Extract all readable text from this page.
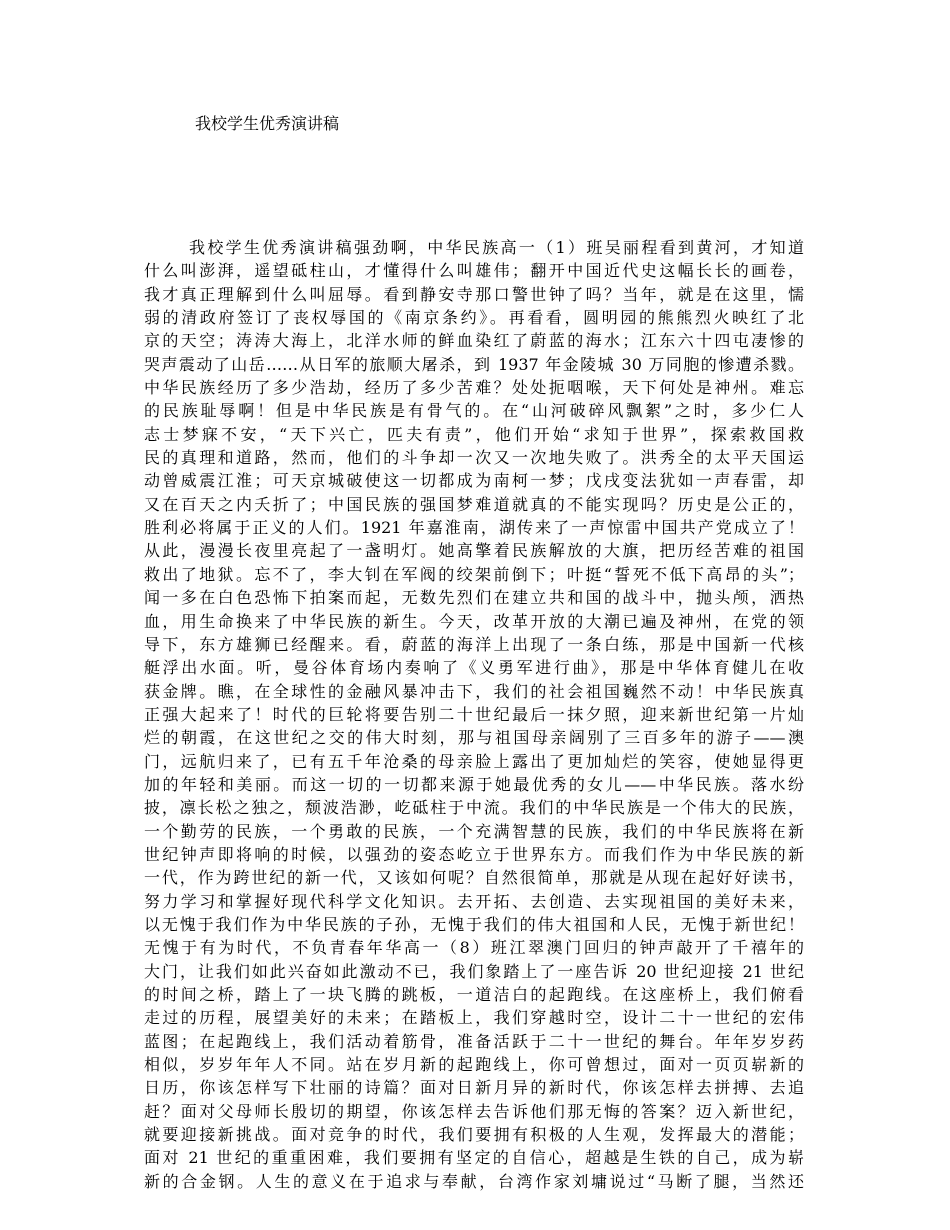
我校学生优秀演讲稿
我校学生优秀演讲稿强劲啊，中华民族高一（1）班吴丽程看到黄河，才知道
什么叫澎湃，遥望砥柱山，才懂得什么叫雄伟；翻开中国近代史这幅长长的画卷，
我才真正理解到什么叫屈辱。看到静安寺那口警世钟了吗？当年，就是在这里，懦
弱的清政府签订了丧权辱国的《南京条约》。再看看，圆明园的熊熊烈火映红了北
京的天空；涛涛大海上，北洋水师的鲜血染红了蔚蓝的海水；江东六十四屯凄惨的
哭声震动了山岳……从日军的旅顺大屠杀，到 1937 年金陵城 30 万同胞的惨遭杀戮。
中华民族经历了多少浩劫，经历了多少苦难？处处扼咽喉，天下何处是神州。难忘
的民族耻辱啊！但是中华民族是有骨气的。在“山河破碎风飘絮”之时，多少仁人
志士梦寐不安，“天下兴亡，匹夫有责”，他们开始“求知于世界”，探索救国救
民的真理和道路，然而，他们的斗争却一次又一次地失败了。洪秀全的太平天国运
动曾威震江淮；可天京城破使这一切都成为南柯一梦；戊戌变法犹如一声春雷，却
又在百天之内夭折了；中国民族的强国梦难道就真的不能实现吗？历史是公正的，
胜利必将属于正义的人们。1921 年嘉淮南，湖传来了一声惊雷中国共产党成立了！
从此，漫漫长夜里亮起了一盏明灯。她高擎着民族解放的大旗，把历经苦难的祖国
救出了地狱。忘不了，李大钊在军阀的绞架前倒下；叶挺“誓死不低下高昂的头”；
闻一多在白色恐怖下拍案而起，无数先烈们在建立共和国的战斗中，抛头颅，洒热
血，用生命换来了中华民族的新生。今天，改革开放的大潮已遍及神州，在党的领
导下，东方雄狮已经醒来。看，蔚蓝的海洋上出现了一条白练，那是中国新一代核
艇浮出水面。听，曼谷体育场内奏响了《义勇军进行曲》，那是中华体育健儿在收
获金牌。瞧，在全球性的金融风暴冲击下，我们的社会祖国巍然不动！中华民族真
正强大起来了！时代的巨轮将要告别二十世纪最后一抹夕照，迎来新世纪第一片灿
烂的朝霞，在这世纪之交的伟大时刻，那与祖国母亲阔别了三百多年的游子——澳
门，远航归来了，已有五千年沧桑的母亲脸上露出了更加灿烂的笑容，使她显得更
加的年轻和美丽。而这一切的一切都来源于她最优秀的女儿——中华民族。落水纷
披，凛长松之独之，颓波浩渺，屹砥柱于中流。我们的中华民族是一个伟大的民族，
一个勤劳的民族，一个勇敢的民族，一个充满智慧的民族，我们的中华民族将在新
世纪钟声即将响的时候，以强劲的姿态屹立于世界东方。而我们作为中华民族的新
一代，作为跨世纪的新一代，又该如何呢？自然很简单，那就是从现在起好好读书，
努力学习和掌握好现代科学文化知识。去开拓、去创造、去实现祖国的美好未来，
以无愧于我们作为中华民族的子孙，无愧于我们的伟大祖国和人民，无愧于新世纪！
无愧于有为时代，不负青春年华高一（8）班江翠澳门回归的钟声敲开了千禧年的
大门，让我们如此兴奋如此激动不已，我们象踏上了一座告诉 20 世纪迎接 21 世纪
的时间之桥，踏上了一块飞腾的跳板，一道洁白的起跑线。在这座桥上，我们俯看
走过的历程，展望美好的未来；在踏板上，我们穿越时空，设计二十一世纪的宏伟
蓝图；在起跑线上，我们活动着筋骨，准备活跃于二十一世纪的舞台。年年岁岁药
相似，岁岁年年人不同。站在岁月新的起跑线上，你可曾想过，面对一页页崭新的
日历，你该怎样写下壮丽的诗篇？面对日新月异的新时代，你该怎样去拼搏、去追
赶？面对父母师长殷切的期望，你该怎样去告诉他们那无悔的答案？迈入新世纪，
就要迎接新挑战。面对竞争的时代，我们要拥有积极的人生观，发挥最大的潜能；
面对 21 世纪的重重困难，我们要拥有坚定的自信心，超越是生铁的自己，成为崭
新的合金钢。人生的意义在于追求与奉献，台湾作家刘墉说过“马断了腿，当然还
